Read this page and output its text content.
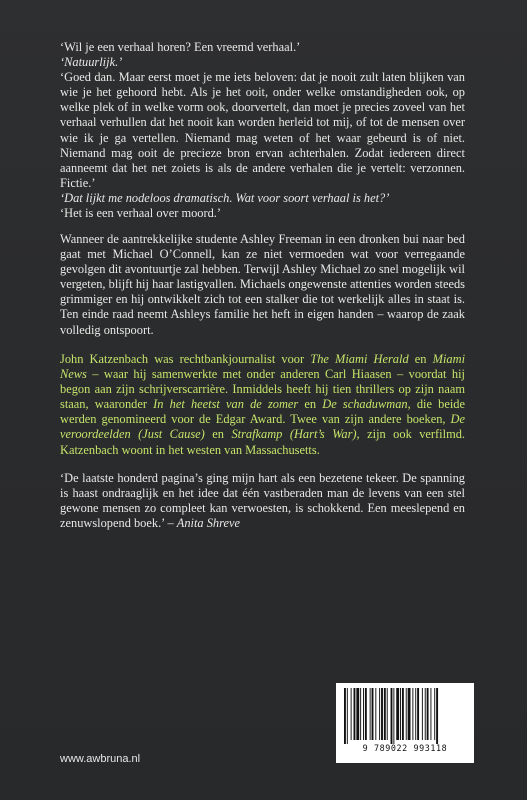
‘Wil je een verhaal horen? Een vreemd verhaal.’

‘Natuurlijk.’

‘Goed dan. Maar eerst moet je me iets beloven: dat je nooit zult laten blijken van wie je het gehoord hebt. Als je het ooit, onder welke omstandigheden ook, op welke plek of in welke vorm ook, doorvertelt, dan moet je precies zoveel van het verhaal verhullen dat het nooit kan worden herleid tot mij, of tot de mensen over wie ik je ga vertellen. Niemand mag weten of het waar gebeurd is of niet. Niemand mag ooit de precieze bron ervan achterhalen. Zodat iedereen direct aanneemt dat het net zoiets is als de andere verhalen die je vertelt: verzonnen. Fictie.’

‘Dat lijkt me nodeloos dramatisch. Wat voor soort verhaal is het?’

‘Het is een verhaal over moord.’

Wanneer de aantrekkelijke studente Ashley Freeman in een dronken bui naar bed gaat met Michael O’Connell, kan ze niet vermoeden wat voor verregaande gevolgen dit avontuurtje zal hebben. Terwijl Ashley Michael zo snel mogelijk wil vergeten, blijft hij haar lastigvallen. Michaels ongewenste attenties worden steeds grimmiger en hij ontwikkelt zich tot een stalker die tot werkelijk alles in staat is. Ten einde raad neemt Ashleys familie het heft in eigen handen – waarop de zaak volledig ontspoort.

John Katzenbach was rechtbankjournalist voor The Miami Herald en Miami News – waar hij samenwerkte met onder anderen Carl Hiaasen – voordat hij begon aan zijn schrijverscarrière. Inmiddels heeft hij tien thrillers op zijn naam staan, waaronder In het heetst van de zomer en De schaduwman, die beide werden genomineerd voor de Edgar Award. Twee van zijn andere boeken, De veroordeelden (Just Cause) en Strafkamp (Hart’s War), zijn ook verfilmd. Katzenbach woont in het westen van Massachusetts.

‘De laatste honderd pagina’s ging mijn hart als een bezetene tekeer. De spanning is haast ondraaglijk en het idee dat één vastberaden man de levens van een stel gewone mensen zo compleet kan verwoesten, is schokkend. Een meeslepend en zenuwslopend boek.’ – Anita Shreve

9 789022 993118
www.awbruna.nl
